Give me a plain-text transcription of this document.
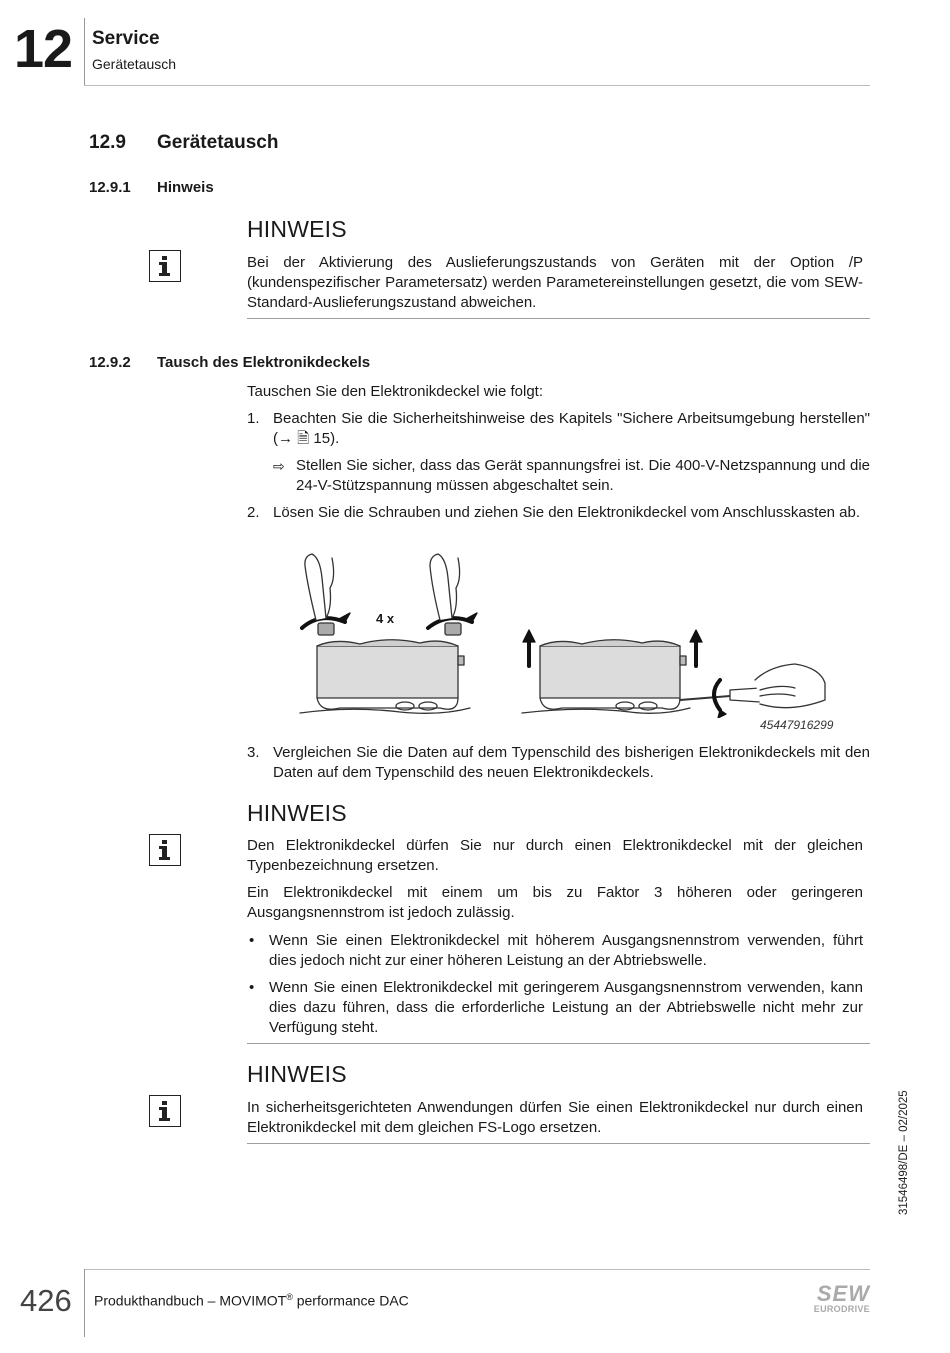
12 Service
Gerätetausch
12.9 Gerätetausch
12.9.1 Hinweis
HINWEIS
Bei der Aktivierung des Auslieferungszustands von Geräten mit der Option /P (kundenspezifischer Parametersatz) werden Parametereinstellungen gesetzt, die vom SEW-Standard-Auslieferungszustand abweichen.
12.9.2 Tausch des Elektronikdeckels
Tauschen Sie den Elektronikdeckel wie folgt:
1. Beachten Sie die Sicherheitshinweise des Kapitels "Sichere Arbeitsumgebung herstellen" (→ 🗎 15).
⇨ Stellen Sie sicher, dass das Gerät spannungsfrei ist. Die 400-V-Netzspannung und die 24-V-Stützspannung müssen abgeschaltet sein.
2. Lösen Sie die Schrauben und ziehen Sie den Elektronikdeckel vom Anschlusskasten ab.
4 x
45447916299
3. Vergleichen Sie die Daten auf dem Typenschild des bisherigen Elektronikdeckels mit den Daten auf dem Typenschild des neuen Elektronikdeckels.
HINWEIS
Den Elektronikdeckel dürfen Sie nur durch einen Elektronikdeckel mit der gleichen Typenbezeichnung ersetzen.
Ein Elektronikdeckel mit einem um bis zu Faktor 3 höheren oder geringeren Ausgangsnennstrom ist jedoch zulässig.
• Wenn Sie einen Elektronikdeckel mit höherem Ausgangsnennstrom verwenden, führt dies jedoch nicht zur einer höheren Leistung an der Abtriebswelle.
• Wenn Sie einen Elektronikdeckel mit geringerem Ausgangsnennstrom verwenden, kann dies dazu führen, dass die erforderliche Leistung an der Abtriebswelle nicht mehr zur Verfügung steht.
HINWEIS
In sicherheitsgerichteten Anwendungen dürfen Sie einen Elektronikdeckel nur durch einen Elektronikdeckel mit dem gleichen FS-Logo ersetzen.	31546498/DE – 02/2025
426 Produkthandbuch – MOVIMOT® performance DAC	SEW
EURODRIVE
